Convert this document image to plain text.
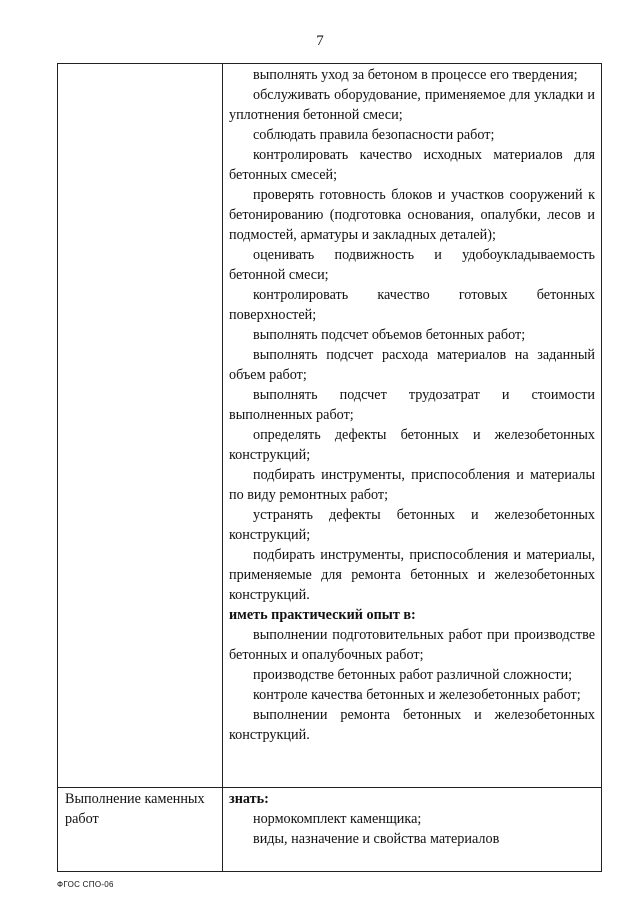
7

выполнять уход за бетоном в процессе его твердения;

обслуживать оборудование, применяемое для укладки и уплотнения бетонной смеси;

соблюдать правила безопасности работ;

контролировать качество исходных материалов для бетонных смесей;

проверять готовность блоков и участков сооружений к бетонированию (подготовка основания, опалубки, лесов и подмостей, арматуры и закладных деталей);

оценивать подвижность и удобоукладываемость бетонной смеси;

контролировать качество готовых бетонных поверхностей;

выполнять подсчет объемов бетонных работ;

выполнять подсчет расхода материалов на заданный объем работ;

выполнять подсчет трудозатрат и стоимости выполненных работ;

определять дефекты бетонных и железобетонных конструкций;

подбирать инструменты, приспособления и материалы по виду ремонтных работ;

устранять дефекты бетонных и железобетонных конструкций;

подбирать инструменты, приспособления и материалы, применяемые для ремонта бетонных и железобетонных конструкций.

иметь практический опыт в:

выполнении подготовительных работ при производстве бетонных и опалубочных работ;

производстве бетонных работ различной сложности;

контроле качества бетонных и железобетонных работ;

выполнении ремонта бетонных и железобетонных конструкций.

Выполнение каменных работ

знать:

нормокомплект каменщика;

виды, назначение и свойства материалов

ФГОС СПО-06
